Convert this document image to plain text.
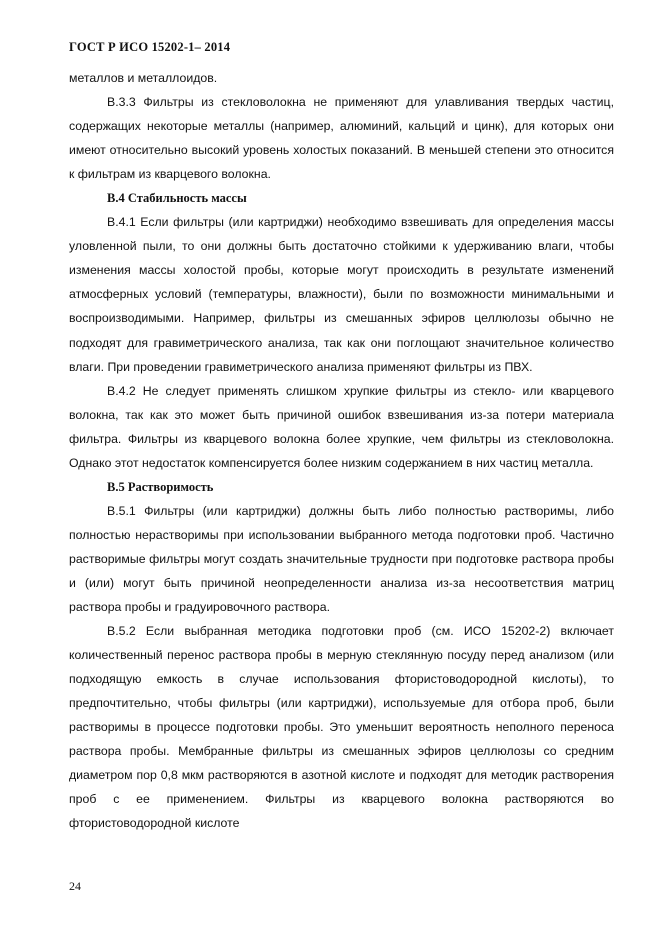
ГОСТ Р ИСО 15202-1– 2014

металлов и металлоидов.

В.3.3 Фильтры из стекловолокна не применяют для улавливания твердых частиц, содержащих некоторые металлы (например, алюминий, кальций и цинк), для которых они имеют относительно высокий уровень холостых показаний. В меньшей степени это относится к фильтрам из кварцевого волокна.

В.4 Стабильность массы

В.4.1 Если фильтры (или картриджи) необходимо взвешивать для определения массы уловленной пыли, то они должны быть достаточно стойкими к удерживанию влаги, чтобы изменения массы холостой пробы, которые могут происходить в результате изменений атмосферных условий (температуры, влажности), были по возможности минимальными и воспроизводимыми. Например, фильтры из смешанных эфиров целлюлозы обычно не подходят для гравиметрического анализа, так как они поглощают значительное количество влаги. При проведении гравиметрического анализа применяют фильтры из ПВХ.

В.4.2 Не следует применять слишком хрупкие фильтры из стекло- или кварцевого волокна, так как это может быть причиной ошибок взвешивания из-за потери материала фильтра. Фильтры из кварцевого волокна более хрупкие, чем фильтры из стекловолокна. Однако этот недостаток компенсируется более низким содержанием в них частиц металла.

В.5 Растворимость

В.5.1 Фильтры (или картриджи) должны быть либо полностью растворимы, либо полностью нерастворимы при использовании выбранного метода подготовки проб. Частично растворимые фильтры могут создать значительные трудности при подготовке раствора пробы и (или) могут быть причиной неопределенности анализа из-за несоответствия матриц раствора пробы и градуировочного раствора.

В.5.2 Если выбранная методика подготовки проб (см. ИСО 15202-2) включает количественный перенос раствора пробы в мерную стеклянную посуду перед анализом (или подходящую емкость в случае использования фтористоводородной кислоты), то предпочтительно, чтобы фильтры (или картриджи), используемые для отбора проб, были растворимы в процессе подготовки пробы. Это уменьшит вероятность неполного переноса раствора пробы. Мембранные фильтры из смешанных эфиров целлюлозы со средним диаметром пор 0,8 мкм растворяются в азотной кислоте и подходят для методик растворения проб с ее применением. Фильтры из кварцевого волокна растворяются во фтористоводородной кислоте

24
